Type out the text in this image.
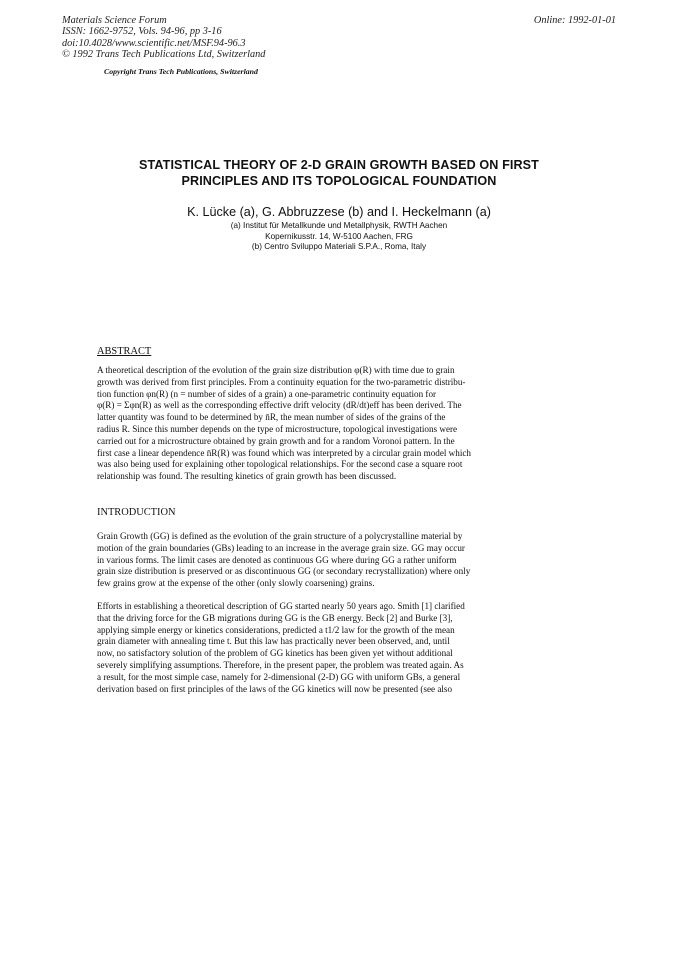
Materials Science Forum
ISSN: 1662-9752, Vols. 94-96, pp 3-16
doi:10.4028/www.scientific.net/MSF.94-96.3
© 1992 Trans Tech Publications Ltd, Switzerland
Online: 1992-01-01
Copyright Trans Tech Publications, Switzerland
STATISTICAL THEORY OF 2-D GRAIN GROWTH BASED ON FIRST
PRINCIPLES AND ITS TOPOLOGICAL FOUNDATION
K. Lücke (a), G. Abbruzzese (b) and I. Heckelmann (a)
(a) Institut für Metallkunde und Metallphysik, RWTH Aachen
Kopernikusstr. 14, W-5100 Aachen, FRG
(b) Centro Sviluppo Materiali S.P.A., Roma, Italy
ABSTRACT
A theoretical description of the evolution of the grain size distribution φ(R) with time due to grain
growth was derived from first principles. From a continuity equation for the two-parametric distribu-
tion function φn(R) (n = number of sides of a grain) a one-parametric continuity equation for
φ(R) = Σφn(R) as well as the corresponding effective drift velocity (dR/dt)eff has been derived. The
latter quantity was found to be determined by n̄R, the mean number of sides of the grains of the
radius R. Since this number depends on the type of microstructure, topological investigations were
carried out for a microstructure obtained by grain growth and for a random Voronoi pattern. In the
first case a linear dependence n̄R(R) was found which was interpreted by a circular grain model which
was also being used for explaining other topological relationships. For the second case a square root
relationship was found. The resulting kinetics of grain growth has been discussed.
INTRODUCTION
Grain Growth (GG) is defined as the evolution of the grain structure of a polycrystalline material by
motion of the grain boundaries (GBs) leading to an increase in the average grain size. GG may occur
in various forms. The limit cases are denoted as continuous GG where during GG a rather uniform
grain size distribution is preserved or as discontinuous GG (or secondary recrystallization) where only
few grains grow at the expense of the other (only slowly coarsening) grains.
Efforts in establishing a theoretical description of GG started nearly 50 years ago. Smith [1] clarified
that the driving force for the GB migrations during GG is the GB energy. Beck [2] and Burke [3],
applying simple energy or kinetics considerations, predicted a t1/2 law for the growth of the mean
grain diameter with annealing time t. But this law has practically never been observed, and, until
now, no satisfactory solution of the problem of GG kinetics has been given yet without additional
severely simplifying assumptions. Therefore, in the present paper, the problem was treated again. As
a result, for the most simple case, namely for 2-dimensional (2-D) GG with uniform GBs, a general
derivation based on first principles of the laws of the GG kinetics will now be presented (see also
